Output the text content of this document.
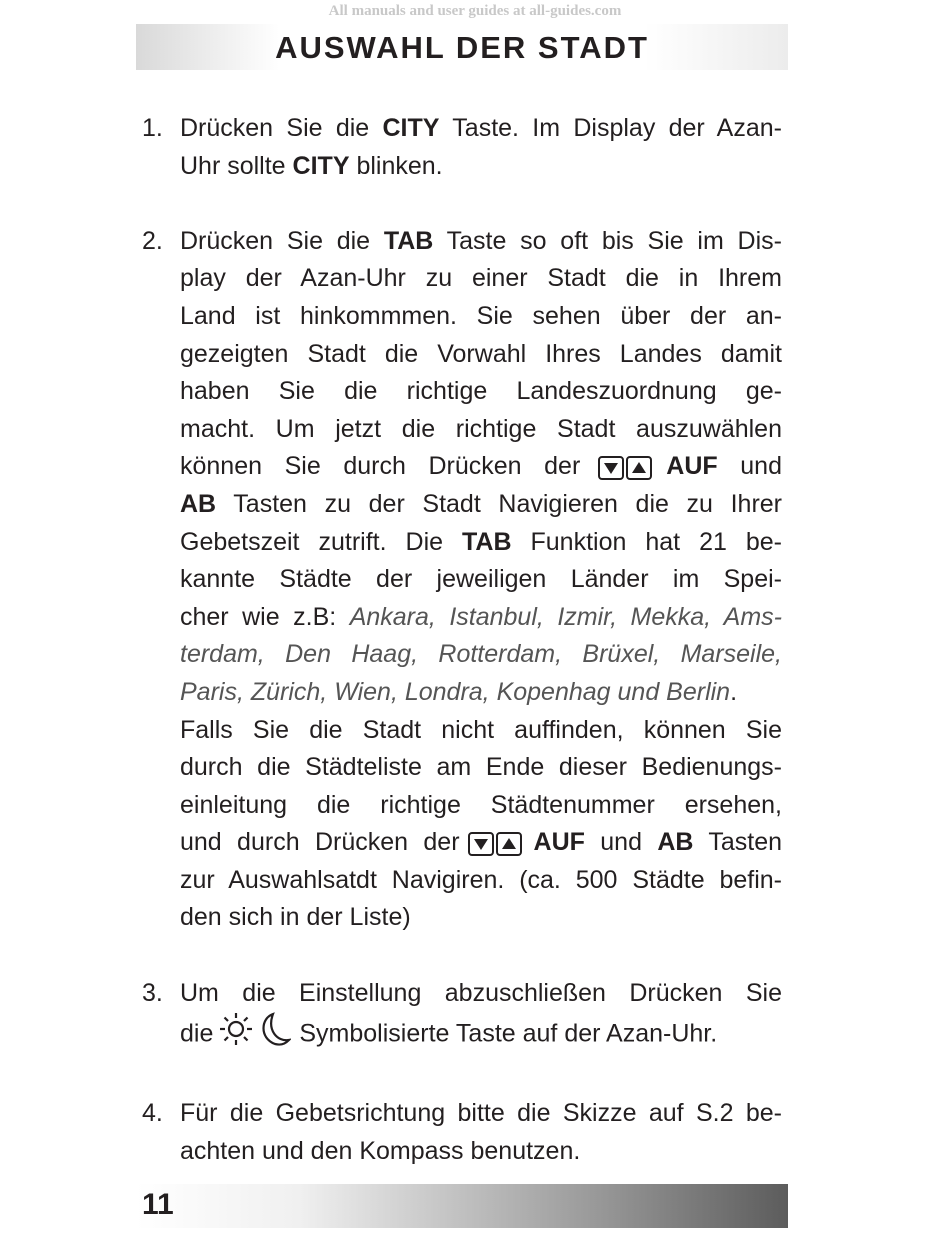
All manuals and user guides at all-guides.com
AUSWAHL DER STADT
1. Drücken Sie die CITY Taste. Im Display der Azan-
Uhr sollte CITY blinken.
2. Drücken Sie die TAB Taste so oft bis Sie im Dis-
play der Azan-Uhr zu einer Stadt die in Ihrem
Land ist hinkommmen. Sie sehen über der an-
gezeigten Stadt die Vorwahl Ihres Landes damit
haben Sie die richtige Landeszuordnung ge-
macht. Um jetzt die richtige Stadt auszuwählen
können Sie durch Drücken der	AUF und
AB Tasten zu der Stadt Navigieren die zu Ihrer
Gebetszeit zutrift. Die TAB Funktion hat 21 be-
kannte Städte der jeweiligen Länder im Spei-
cher wie z.B: Ankara, Istanbul, Izmir, Mekka, Ams-
terdam, Den Haag, Rotterdam, Brüxel, Marseile,
Paris, Zürich, Wien, Londra, Kopenhag und Berlin.
Falls Sie die Stadt nicht auffinden, können Sie
durch die Städteliste am Ende dieser Bedienungs-
einleitung die richtige Städtenummer ersehen,
und durch Drücken der	AUF und AB Tasten
zur Auswahlsatdt Navigiren. (ca. 500 Städte befin-
den sich in der Liste)
3. Um die Einstellung abzuschließen Drücken Sie
die	Symbolisierte Taste auf der Azan-Uhr.
4. Für die Gebetsrichtung bitte die Skizze auf S.2 be-
achten und den Kompass benutzen.
11
